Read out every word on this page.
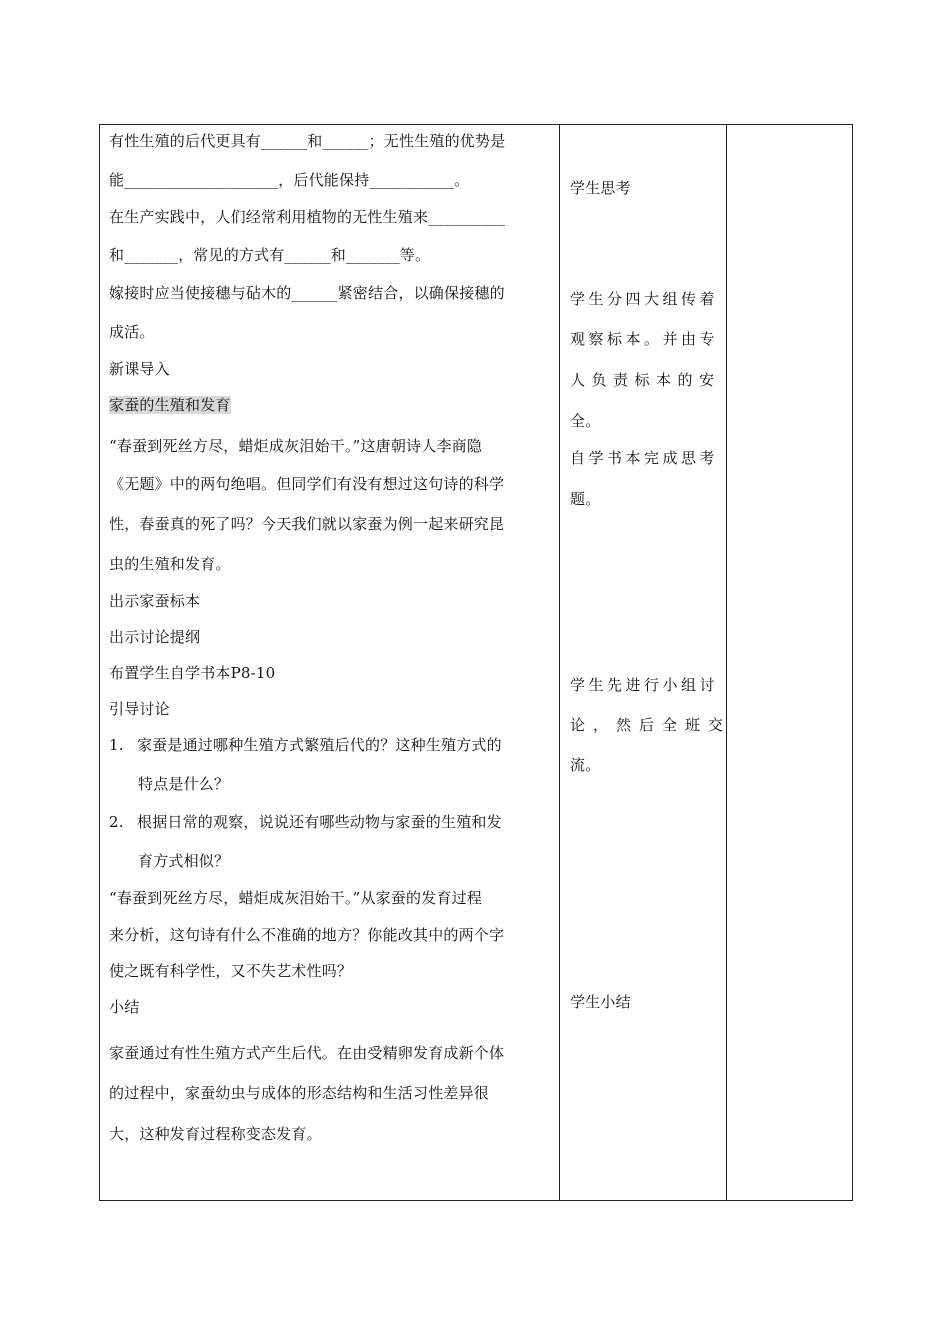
有性生殖的后代更具有______和______；无性生殖的优势是
能____________________，后代能保持___________。
在生产实践中，人们经常利用植物的无性生殖来__________
和_______，常见的方式有______和_______等。
嫁接时应当使接穗与砧木的______紧密结合，以确保接穗的
成活。
新课导入
家蚕的生殖和发育
“春蚕到死丝方尽，蜡炬成灰泪始干。”这唐朝诗人李商隐
《无题》中的两句绝唱。但同学们有没有想过这句诗的科学
性，春蚕真的死了吗？今天我们就以家蚕为例一起来研究昆
虫的生殖和发育。
出示家蚕标本
出示讨论提纲
布置学生自学书本P8-10
引导讨论
1. 家蚕是通过哪种生殖方式繁殖后代的？这种生殖方式的
特点是什么？
2. 根据日常的观察，说说还有哪些动物与家蚕的生殖和发
育方式相似？
“春蚕到死丝方尽，蜡炬成灰泪始干。”从家蚕的发育过程
来分析，这句诗有什么不准确的地方？你能改其中的两个字
使之既有科学性，又不失艺术性吗？
小结
家蚕通过有性生殖方式产生后代。在由受精卵发育成新个体
的过程中，家蚕幼虫与成体的形态结构和生活习性差异很
大，这种发育过程称变态发育。

学生思考
学生分四大组传着
观察标本。并由专
人负责标本的安
全。
自学书本完成思考
题。
学生先进行小组讨
论，然后全班交
流。
学生小结
